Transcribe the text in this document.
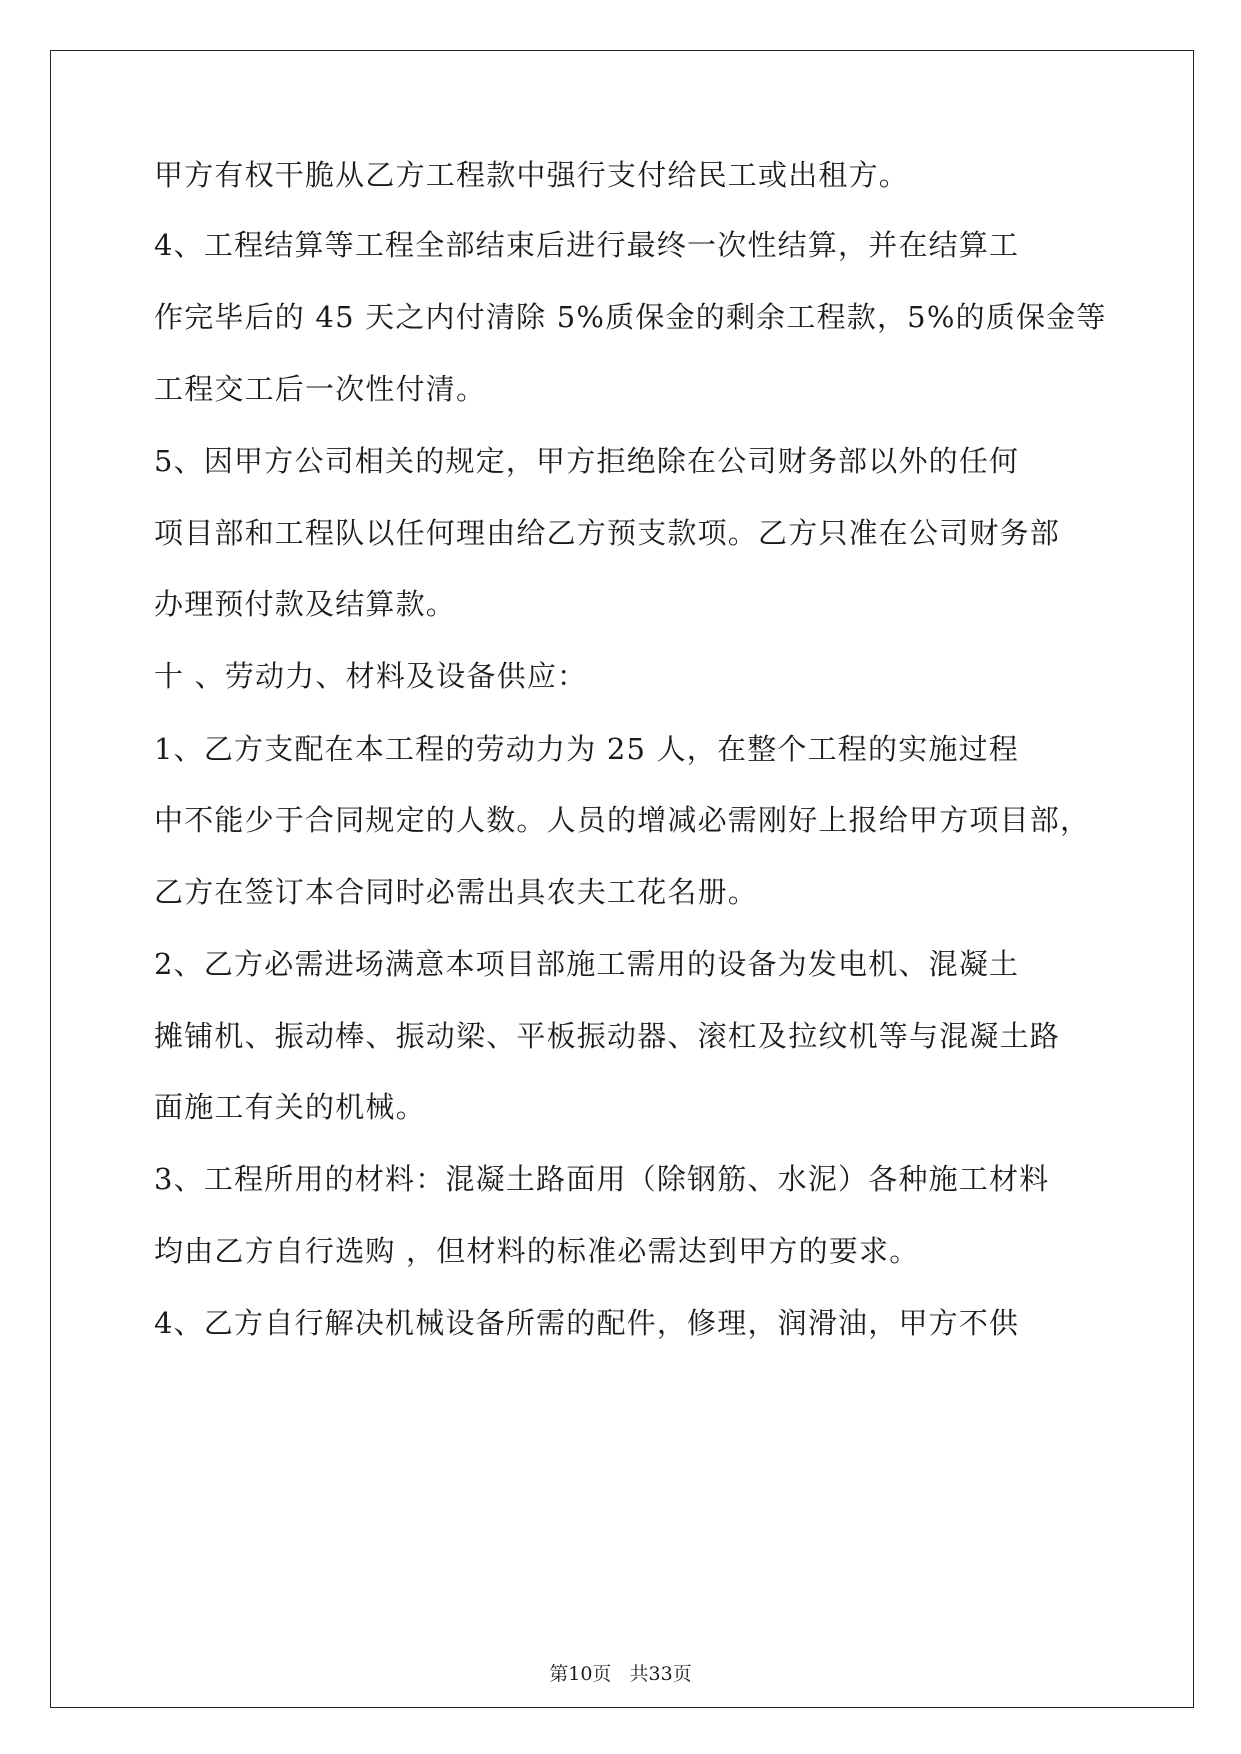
甲方有权干脆从乙方工程款中强行支付给民工或出租方。
4、工程结算等工程全部结束后进行最终一次性结算，并在结算工
作完毕后的 45 天之内付清除 5%质保金的剩余工程款，5%的质保金等
工程交工后一次性付清。
5、因甲方公司相关的规定，甲方拒绝除在公司财务部以外的任何
项目部和工程队以任何理由给乙方预支款项。乙方只准在公司财务部
办理预付款及结算款。
十 、劳动力、材料及设备供应：
1、乙方支配在本工程的劳动力为 25 人，在整个工程的实施过程
中不能少于合同规定的人数。人员的增减必需刚好上报给甲方项目部，
乙方在签订本合同时必需出具农夫工花名册。
2、乙方必需进场满意本项目部施工需用的设备为发电机、混凝土
摊铺机、振动棒、振动梁、平板振动器、滚杠及拉纹机等与混凝土路
面施工有关的机械。
3、工程所用的材料：混凝土路面用（除钢筋、水泥）各种施工材料
均由乙方自行选购 ，但材料的标准必需达到甲方的要求。
4、乙方自行解决机械设备所需的配件，修理，润滑油，甲方不供
第10页   共33页
